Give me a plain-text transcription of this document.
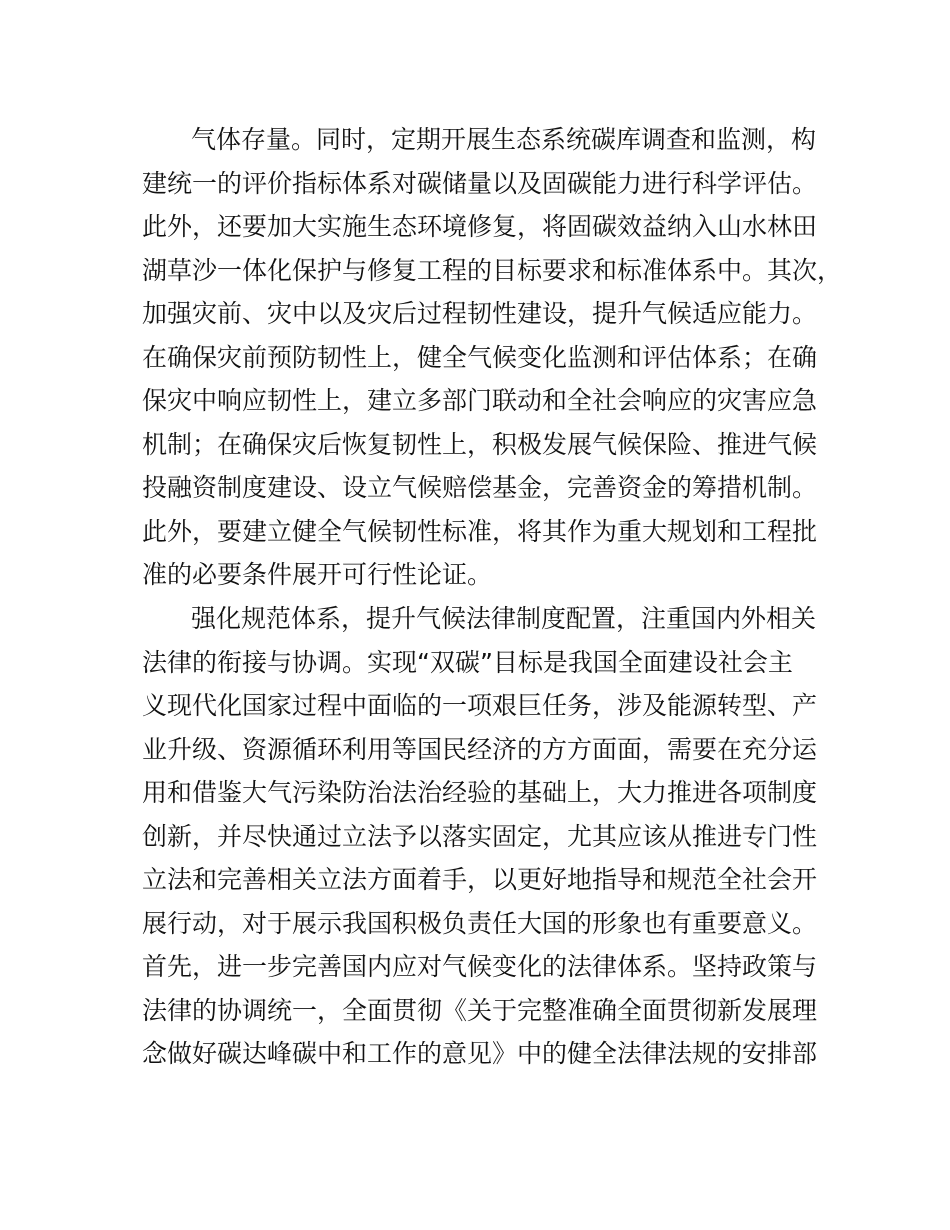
气体存量。同时，定期开展生态系统碳库调查和监测，构
建统一的评价指标体系对碳储量以及固碳能力进行科学评估。
此外，还要加大实施生态环境修复，将固碳效益纳入山水林田
湖草沙一体化保护与修复工程的目标要求和标准体系中。其次，
加强灾前、灾中以及灾后过程韧性建设，提升气候适应能力。
在确保灾前预防韧性上，健全气候变化监测和评估体系；在确
保灾中响应韧性上，建立多部门联动和全社会响应的灾害应急
机制；在确保灾后恢复韧性上，积极发展气候保险、推进气候
投融资制度建设、设立气候赔偿基金，完善资金的筹措机制。
此外，要建立健全气候韧性标准，将其作为重大规划和工程批
准的必要条件展开可行性论证。
强化规范体系，提升气候法律制度配置，注重国内外相关
法律的衔接与协调。实现“双碳”目标是我国全面建设社会主
义现代化国家过程中面临的一项艰巨任务，涉及能源转型、产
业升级、资源循环利用等国民经济的方方面面，需要在充分运
用和借鉴大气污染防治法治经验的基础上，大力推进各项制度
创新，并尽快通过立法予以落实固定，尤其应该从推进专门性
立法和完善相关立法方面着手，以更好地指导和规范全社会开
展行动，对于展示我国积极负责任大国的形象也有重要意义。
首先，进一步完善国内应对气候变化的法律体系。坚持政策与
法律的协调统一，全面贯彻《关于完整准确全面贯彻新发展理
念做好碳达峰碳中和工作的意见》中的健全法律法规的安排部
